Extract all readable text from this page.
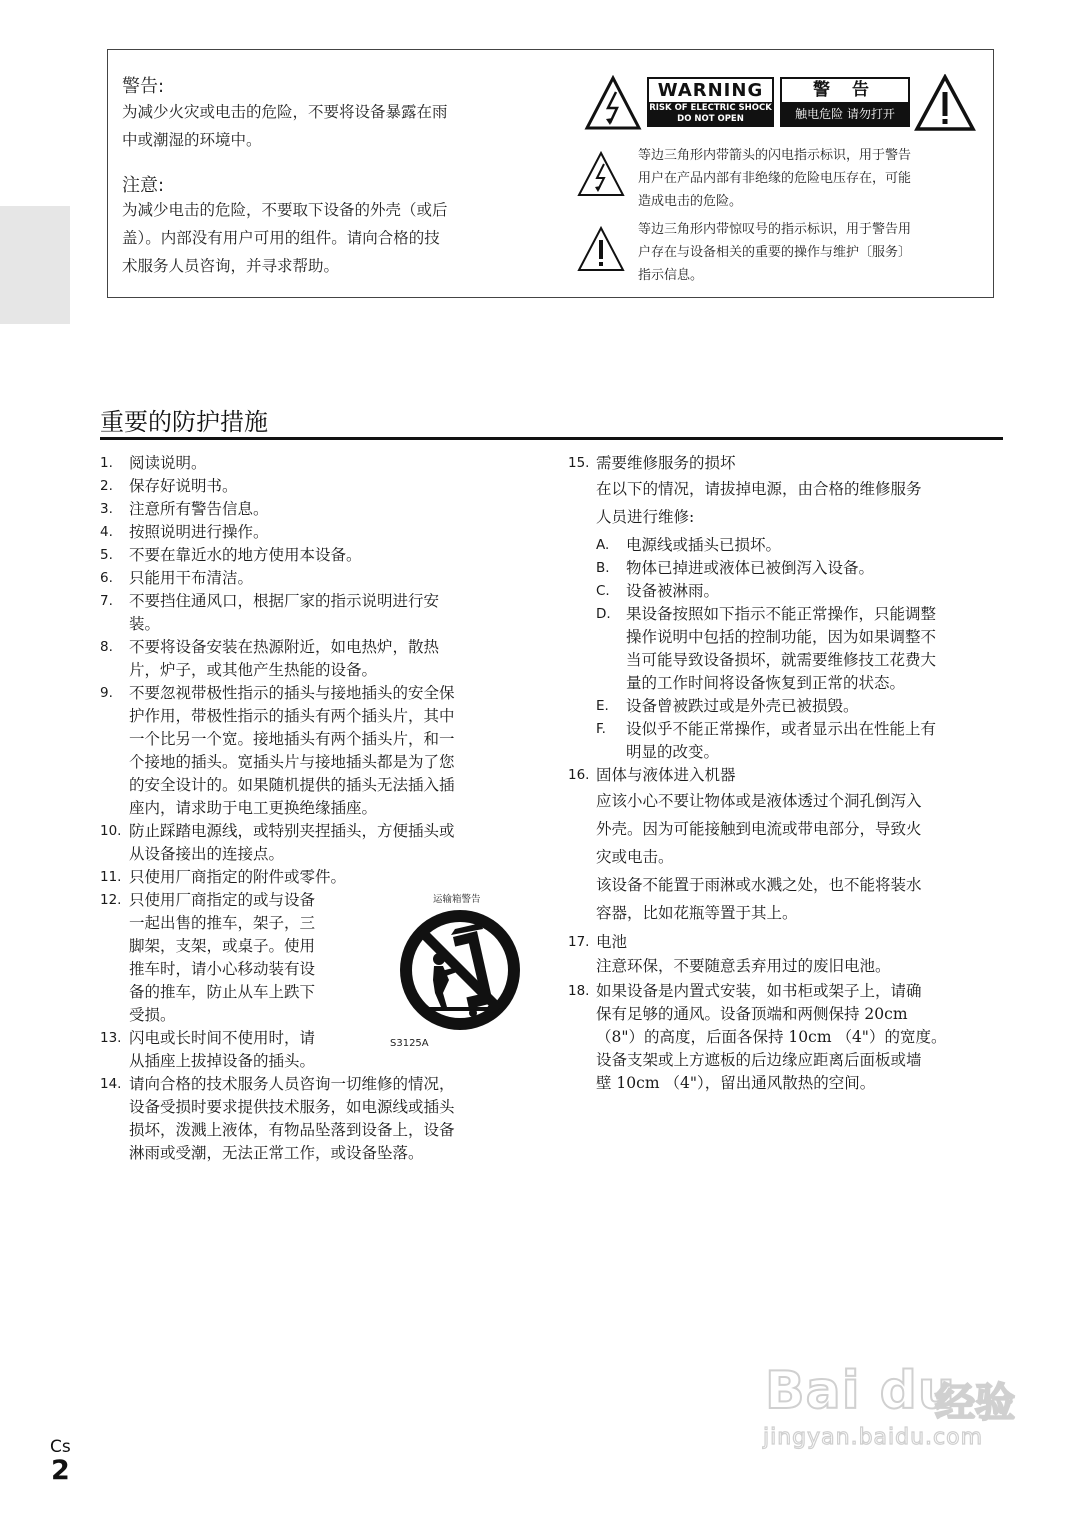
警告:
为减少火灾或电击的危险，不要将设备暴露在雨
中或潮湿的环境中。
注意:
为减少电击的危险，不要取下设备的外壳（或后
盖）。内部没有用户可用的组件。请向合格的技
术服务人员咨询，并寻求帮助。
WARNING
RISK OF ELECTRIC SHOCK
DO NOT OPEN
警 告
触电危险 请勿打开
等边三角形内带箭头的闪电指示标识，用于警告
用户在产品内部有非绝缘的危险电压存在，可能
造成电击的危险。
等边三角形内带惊叹号的指示标识，用于警告用
户存在与设备相关的重要的操作与维护〔服务〕
指示信息。
重要的防护措施
1.	阅读说明。
2.	保存好说明书。
3.	注意所有警告信息。
4.	按照说明进行操作。
5.	不要在靠近水的地方使用本设备。
6.	只能用干布清洁。
7.	不要挡住通风口，根据厂家的指示说明进行安
装。
8.	不要将设备安装在热源附近，如电热炉，散热
片，炉子，或其他产生热能的设备。
9.	不要忽视带极性指示的插头与接地插头的安全保
护作用，带极性指示的插头有两个插头片，其中
一个比另一个宽。接地插头有两个插头片，和一
个接地的插头。宽插头片与接地插头都是为了您
的安全设计的。如果随机提供的插头无法插入插
座内，请求助于电工更换绝缘插座。
10. 防止踩踏电源线，或特别夹捏插头，方便插头或
从设备接出的连接点。
11. 只使用厂商指定的附件或零件。
12. 只使用厂商指定的或与设备
一起出售的推车，架子，三
脚架，支架，或桌子。使用
推车时，请小心移动装有设
备的推车，防止从车上跌下
受损。
13. 闪电或长时间不使用时，请
从插座上拔掉设备的插头。
14. 请向合格的技术服务人员咨询一切维修的情况，
设备受损时要求提供技术服务，如电源线或插头
损坏，泼溅上液体，有物品坠落到设备上，设备
淋雨或受潮，无法正常工作，或设备坠落。
运输箱警告
S3125A
15. 需要维修服务的损坏
在以下的情况，请拔掉电源，由合格的维修服务
人员进行维修:
A.	电源线或插头已损坏。
B.	物体已掉进或液体已被倒泻入设备。
C.	设备被淋雨。
D. 果设备按照如下指示不能正常操作，只能调整
操作说明中包括的控制功能，因为如果调整不
当可能导致设备损坏，就需要维修技工花费大
量的工作时间将设备恢复到正常的状态。
E.	设备曾被跌过或是外壳已被损毁。
F.	设似乎不能正常操作，或者显示出在性能上有
明显的改变。
16. 固体与液体进入机器
应该小心不要让物体或是液体透过个洞孔倒泻入
外壳。因为可能接触到电流或带电部分，导致火
灾或电击。
该设备不能置于雨淋或水溅之处，也不能将装水
容器，比如花瓶等置于其上。
17. 电池
注意环保，不要随意丢弃用过的废旧电池。
18. 如果设备是内置式安装，如书柜或架子上，请确
保有足够的通风。设备顶端和两侧保持 20cm
（8"）的高度，后面各保持 10cm （4"）的宽度。
设备支架或上方遮板的后边缘应距离后面板或墙
壁 10cm （4"），留出通风散热的空间。
Bai du
经验
jingyan.baidu.com
Cs
2
